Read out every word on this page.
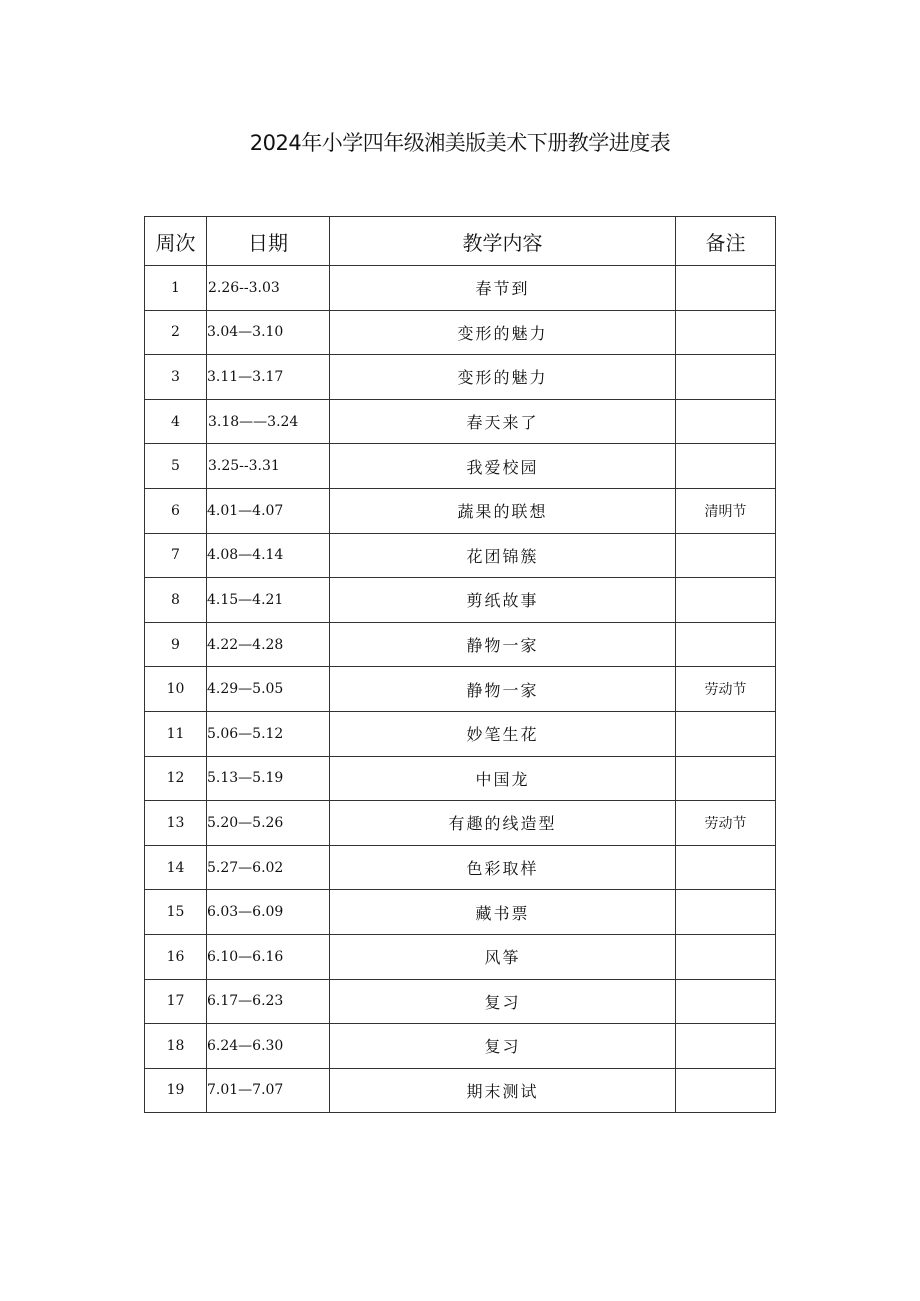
2024年小学四年级湘美版美术下册教学进度表
周次	日期	教学内容	备注
1	2.26--3.03	春节到	
2	3.04—3.10	变形的魅力	
3	3.11—3.17	变形的魅力	
4	3.18——3.24	春天来了	
5	3.25--3.31	我爱校园	
6	4.01—4.07	蔬果的联想	清明节
7	4.08—4.14	花团锦簇	
8	4.15—4.21	剪纸故事	
9	4.22—4.28	静物一家	
10	4.29—5.05	静物一家	劳动节
11	5.06—5.12	妙笔生花	
12	5.13—5.19	中国龙	
13	5.20—5.26	有趣的线造型	劳动节
14	5.27—6.02	色彩取样	
15	6.03—6.09	藏书票	
16	6.10—6.16	风筝	
17	6.17—6.23	复习	
18	6.24—6.30	复习	
19	7.01—7.07	期末测试	
